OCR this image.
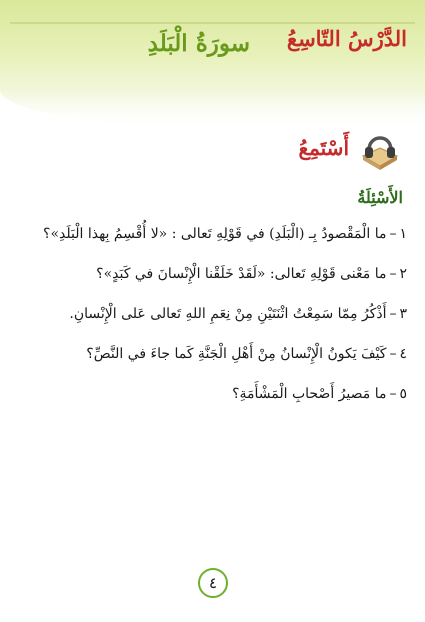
الدَّرْسُ التّاسِعُ
سورَةُ الْبَلَدِ
أَسْتَمِعُ
الأَسْئِلَةُ
١
–
ما الْمَقْصودُ بِـ (الْبَلَدِ) في قَوْلِهِ تَعالى : «لا أُقْسِمُ بِهذا الْبَلَدِ»؟
٢
–
ما مَعْنى قَوْلِهِ تَعالى: «لَقَدْ خَلَقْنا الْإِنْسانَ في كَبَدٍ»؟
٣
–
أَذْكُرُ مِمّا سَمِعْتُ اثْنَتَيْنِ مِنْ نِعَمِ اللهِ تَعالى عَلى الْإِنْسانِ.
٤
–
كَيْفَ يَكونُ الْإِنْسانُ مِنْ أَهْلِ الْجَنَّةِ كَما جاءَ في النَّصِّ؟
٥
–
ما مَصيرُ أَصْحابِ الْمَشْأَمَةِ؟
٤
